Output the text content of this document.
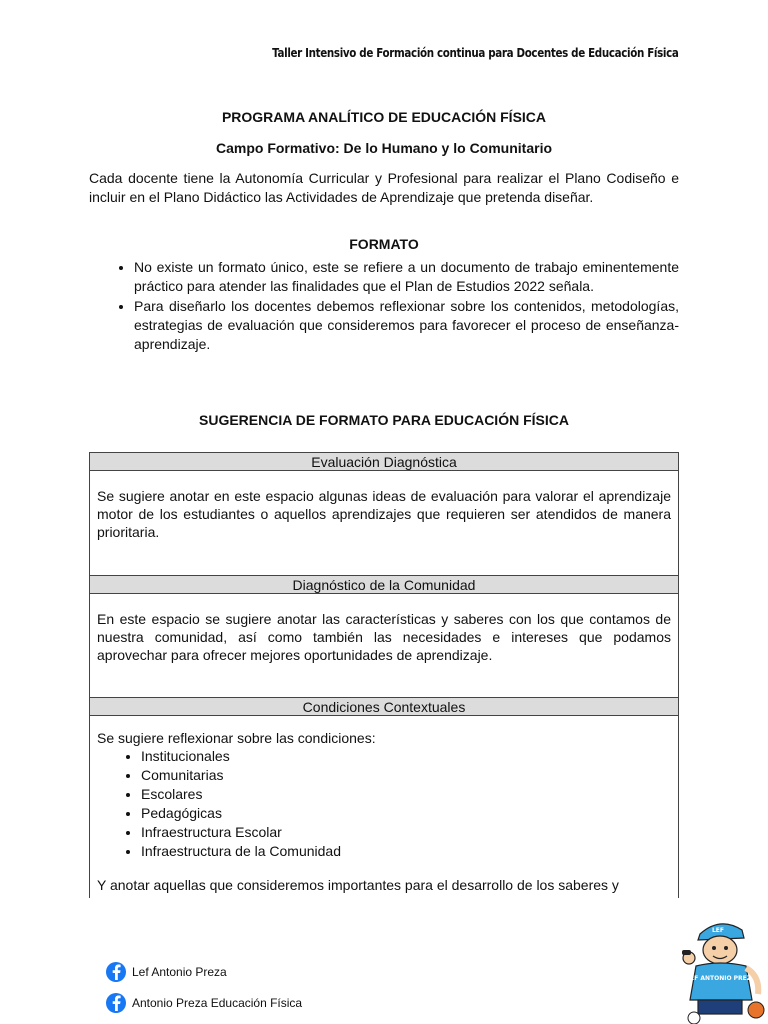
Taller Intensivo de Formación continua para Docentes de Educación Física
PROGRAMA ANALÍTICO DE EDUCACIÓN FÍSICA
Campo Formativo: De lo Humano y lo Comunitario

Cada docente tiene la Autonomía Curricular y Profesional para realizar el Plano Codiseño e incluir en el Plano Didáctico las Actividades de Aprendizaje que pretenda diseñar.

FORMATO
• No existe un formato único, este se refiere a un documento de trabajo eminentemente práctico para atender las finalidades que el Plan de Estudios 2022 señala.
• Para diseñarlo los docentes debemos reflexionar sobre los contenidos, metodologías, estrategias de evaluación que consideremos para favorecer el proceso de enseñanza-aprendizaje.
SUGERENCIA DE FORMATO PARA EDUCACIÓN FÍSICA
Evaluación Diagnóstica
Se sugiere anotar en este espacio algunas ideas de evaluación para valorar el aprendizaje motor de los estudiantes o aquellos aprendizajes que requieren ser atendidos de manera prioritaria.
Diagnóstico de la Comunidad
En este espacio se sugiere anotar las características y saberes con los que contamos de nuestra comunidad, así como también las necesidades e intereses que podamos aprovechar para ofrecer mejores oportunidades de aprendizaje.
Condiciones Contextuales
Se sugiere reflexionar sobre las condiciones:
• Institucionales
• Comunitarias
• Escolares
• Pedagógicas
• Infraestructura Escolar
• Infraestructura de la Comunidad
Y anotar aquellas que consideremos importantes para el desarrollo de los saberes y
Lef Antonio Preza
Antonio Preza Educación Física
LEF
LEF ANTONIO PREZA
